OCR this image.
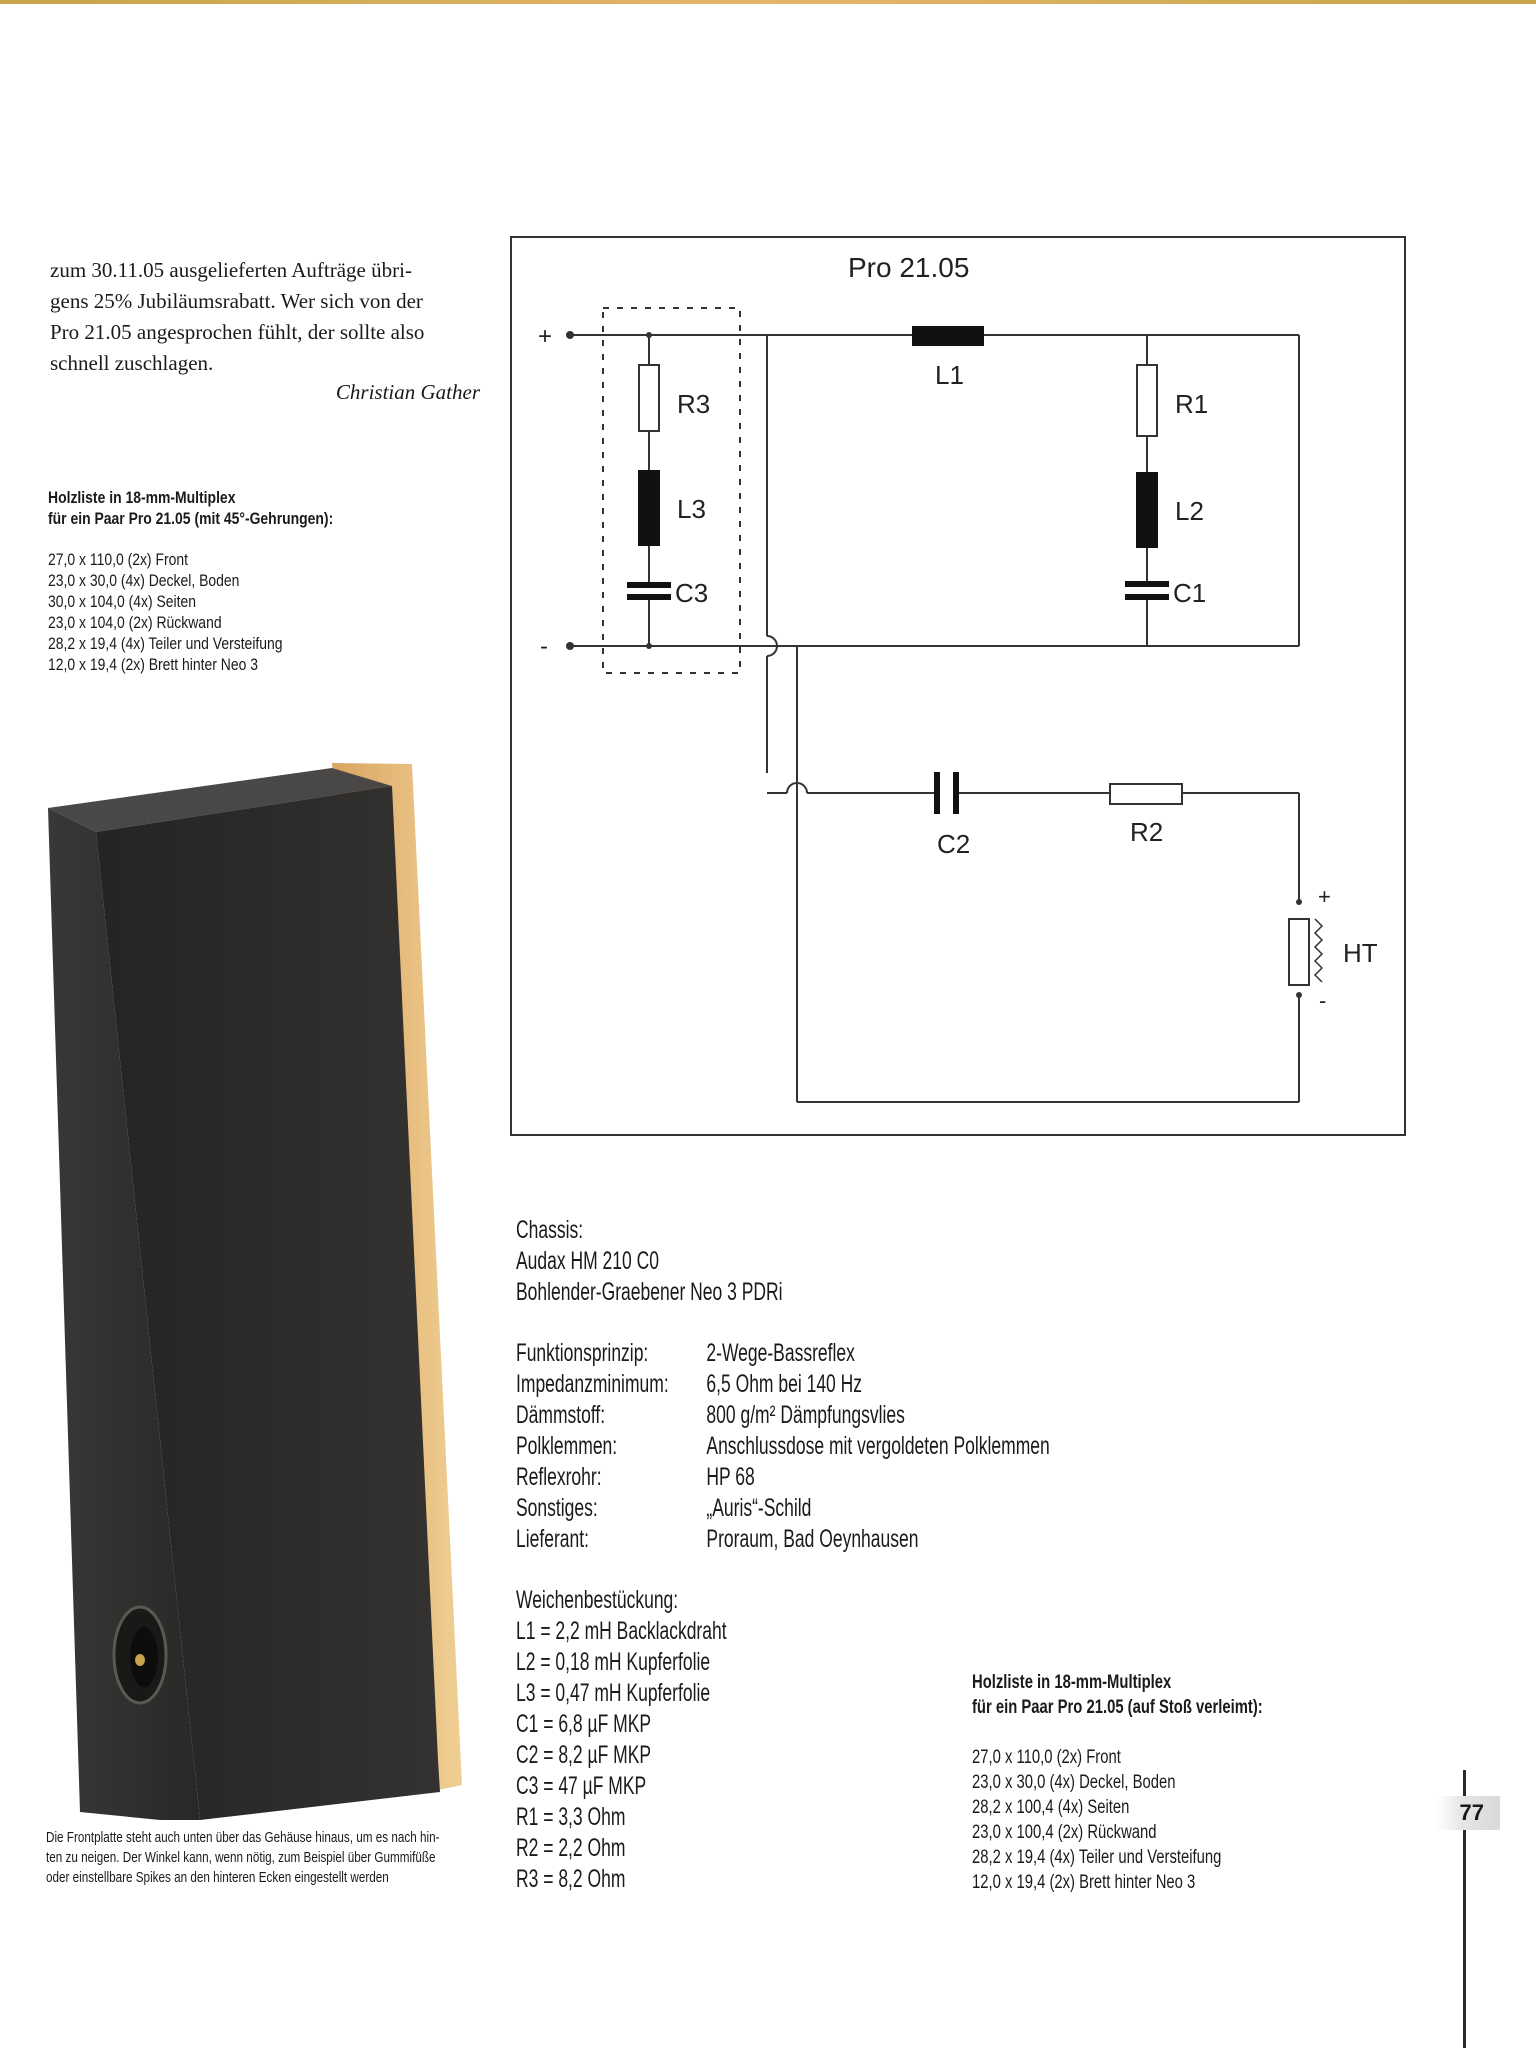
zum 30.11.05 ausgelieferten Aufträge übri-
gens 25% Jubiläumsrabatt. Wer sich von der
Pro 21.05 angesprochen fühlt, der sollte also
schnell zuschlagen.
Christian Gather
Holzliste in 18-mm-Multiplex
für ein Paar Pro 21.05 (mit 45°-Gehrungen):
27,0 x 110,0 (2x) Front
23,0 x 30,0 (4x) Deckel, Boden
30,0 x 104,0 (4x) Seiten
23,0 x 104,0 (2x) Rückwand
28,2 x 19,4 (4x) Teiler und Versteifung
12,0 x 19,4 (2x) Brett hinter Neo 3
Die Frontplatte steht auch unten über das Gehäuse hinaus, um es nach hin-
ten zu neigen. Der Winkel kann, wenn nötig, zum Beispiel über Gummifüße
oder einstellbare Spikes an den hinteren Ecken eingestellt werden
Pro 21.05
+
-
L1
R3
L3
C3
R1
L2
C1
C2	R2
HT
+
-
Chassis:
Audax HM 210 C0
Bohlender-Graebener Neo 3 PDRi
Funktionsprinzip:	2-Wege-Bassreflex
Impedanzminimum:	6,5 Ohm bei 140 Hz
Dämmstoff:	800 g/m² Dämpfungsvlies
Polklemmen:	Anschlussdose mit vergoldeten Polklemmen
Reflexrohr:	HP 68
Sonstiges:	„Auris“-Schild
Lieferant:	Proraum, Bad Oeynhausen
Weichenbestückung:
L1 = 2,2 mH Backlackdraht
L2 = 0,18 mH Kupferfolie
L3 = 0,47 mH Kupferfolie
C1 = 6,8 µF MKP
C2 = 8,2 µF MKP
C3 = 47 µF MKP
R1 = 3,3 Ohm
R2 = 2,2 Ohm
R3 = 8,2 Ohm
Holzliste in 18-mm-Multiplex
für ein Paar Pro 21.05 (auf Stoß verleimt):
27,0 x 110,0 (2x) Front
23,0 x 30,0 (4x) Deckel, Boden
28,2 x 100,4 (4x) Seiten
23,0 x 100,4 (2x) Rückwand
28,2 x 19,4 (4x) Teiler und Versteifung
12,0 x 19,4 (2x) Brett hinter Neo 3
77
